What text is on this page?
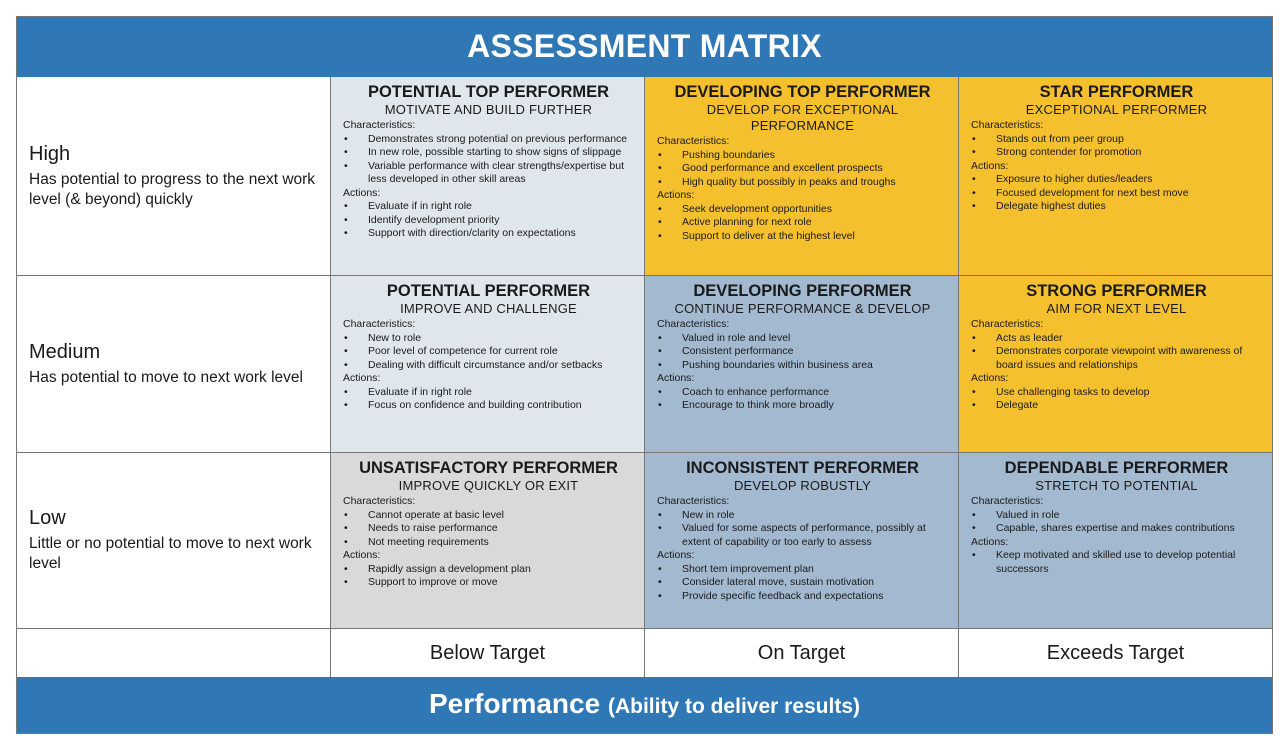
ASSESSMENT MATRIX
High
Has potential to progress to the next work level (& beyond) quickly
POTENTIAL TOP PERFORMER
MOTIVATE AND BUILD FURTHER
Characteristics:
• Demonstrates strong potential on previous performance
• In new role, possible starting to show signs of slippage
• Variable performance with clear strengths/expertise but less developed in other skill areas
Actions:
• Evaluate if in right role
• Identify development priority
• Support with direction/clarity on expectations
DEVELOPING TOP PERFORMER
DEVELOP FOR EXCEPTIONAL PERFORMANCE
Characteristics:
• Pushing boundaries
• Good performance and excellent prospects
• High quality but possibly in peaks and troughs
Actions:
• Seek development opportunities
• Active planning for next role
• Support to deliver at the highest level
STAR PERFORMER
EXCEPTIONAL PERFORMER
Characteristics:
• Stands out from peer group
• Strong contender for promotion
Actions:
• Exposure to higher duties/leaders
• Focused development for next best move
• Delegate highest duties
Medium
Has potential to move to next work level
POTENTIAL PERFORMER
IMPROVE AND CHALLENGE
Characteristics:
• New to role
• Poor level of competence for current role
• Dealing with difficult circumstance and/or setbacks
Actions:
• Evaluate if in right role
• Focus on confidence and building contribution
DEVELOPING PERFORMER
CONTINUE PERFORMANCE & DEVELOP
Characteristics:
• Valued in role and level
• Consistent performance
• Pushing boundaries within business area
Actions:
• Coach to enhance performance
• Encourage to think more broadly
STRONG PERFORMER
AIM FOR NEXT LEVEL
Characteristics:
• Acts as leader
• Demonstrates corporate viewpoint with awareness of board issues and relationships
Actions:
• Use challenging tasks to develop
• Delegate
Low
Little or no potential to move to next work level
UNSATISFACTORY PERFORMER
IMPROVE QUICKLY OR EXIT
Characteristics:
• Cannot operate at basic level
• Needs to raise performance
• Not meeting requirements
Actions:
• Rapidly assign a development plan
• Support to improve or move
INCONSISTENT PERFORMER
DEVELOP ROBUSTLY
Characteristics:
• New in role
• Valued for some aspects of performance, possibly at extent of capability or too early to assess
Actions:
• Short tem improvement plan
• Consider lateral move, sustain motivation
• Provide specific feedback and expectations
DEPENDABLE PERFORMER
STRETCH TO POTENTIAL
Characteristics:
• Valued in role
• Capable, shares expertise and makes contributions
Actions:
• Keep motivated and skilled use to develop potential successors
Below Target	On Target	Exceeds Target
Performance (Ability to deliver results)
